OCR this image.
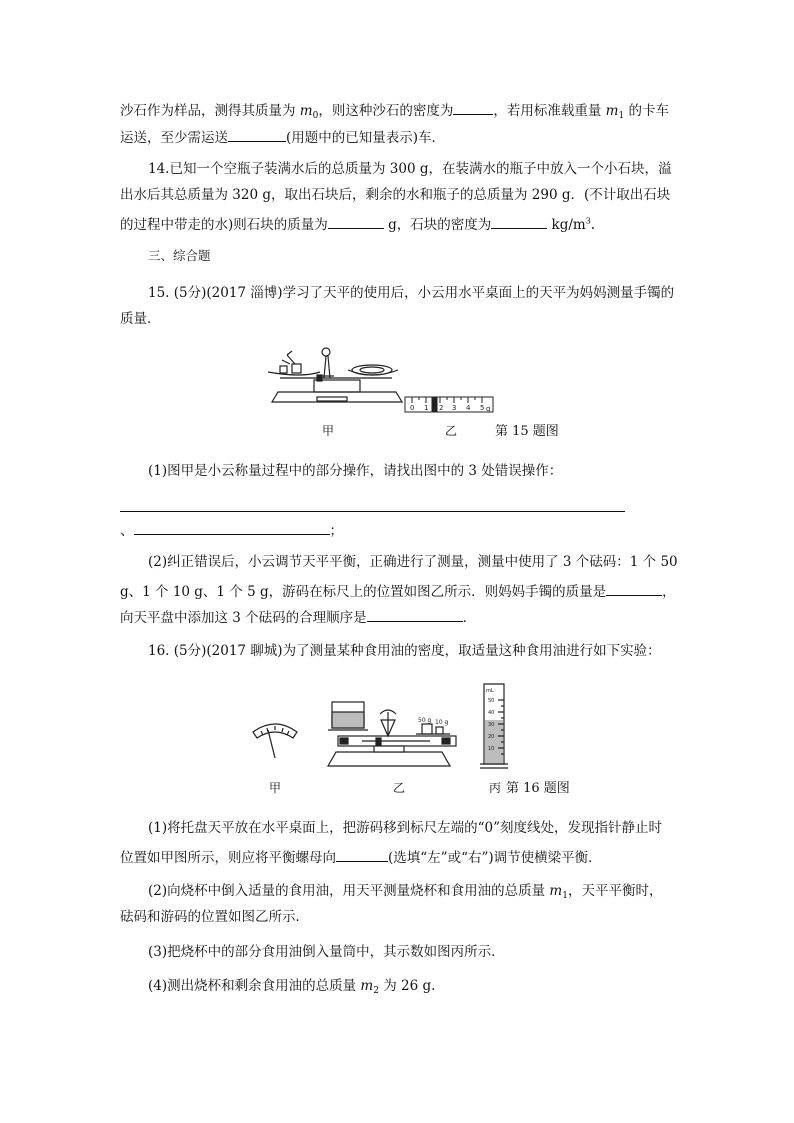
沙石作为样品，测得其质量为 $m_0$，则这种沙石的密度为	，若用标准载重量 $m_1$ 的卡车
运送，至少需运送	(用题中的已知量表示)车．
14.已知一个空瓶子装满水后的总质量为 300 g，在装满水的瓶子中放入一个小石块，溢
出水后其总质量为 320 g，取出石块后，剩余的水和瓶子的总质量为 290 g．(不计取出石块
的过程中带走的水)则石块的质量为	g，石块的密度为	$kg/m^3$.
三、综合题
15. (5分)(2017 淄博)学习了天平的使用后，小云用水平桌面上的天平为妈妈测量手镯的
质量．
甲
0 1 2 3 4 5 g
乙	第 15 题图
(1)图甲是小云称量过程中的部分操作，请找出图中的 3 处错误操作：
、	；
(2)纠正错误后，小云调节天平平衡，正确进行了测量，测量中使用了 3 个砝码：1 个 50
g、1 个 10 g、1 个 5 g，游码在标尺上的位置如图乙所示．则妈妈手镯的质量是	，
向天平盘中添加这 3 个砝码的合理顺序是	．
16. (5分)(2017 聊城)为了测量某种食用油的密度，取适量这种食用油进行如下实验：
甲
50 g 10 g
乙
mL
50
40
30
20
10
丙 第 16 题图
(1)将托盘天平放在水平桌面上，把游码移到标尺左端的“0”刻度线处，发现指针静止时
位置如甲图所示，则应将平衡螺母向	(选填“左”或“右”)调节使横梁平衡．
(2)向烧杯中倒入适量的食用油，用天平测量烧杯和食用油的总质量 $m_1$，天平平衡时，
砝码和游码的位置如图乙所示．
(3)把烧杯中的部分食用油倒入量筒中，其示数如图丙所示．
(4)测出烧杯和剩余食用油的总质量 $m_2$ 为 26 g.
